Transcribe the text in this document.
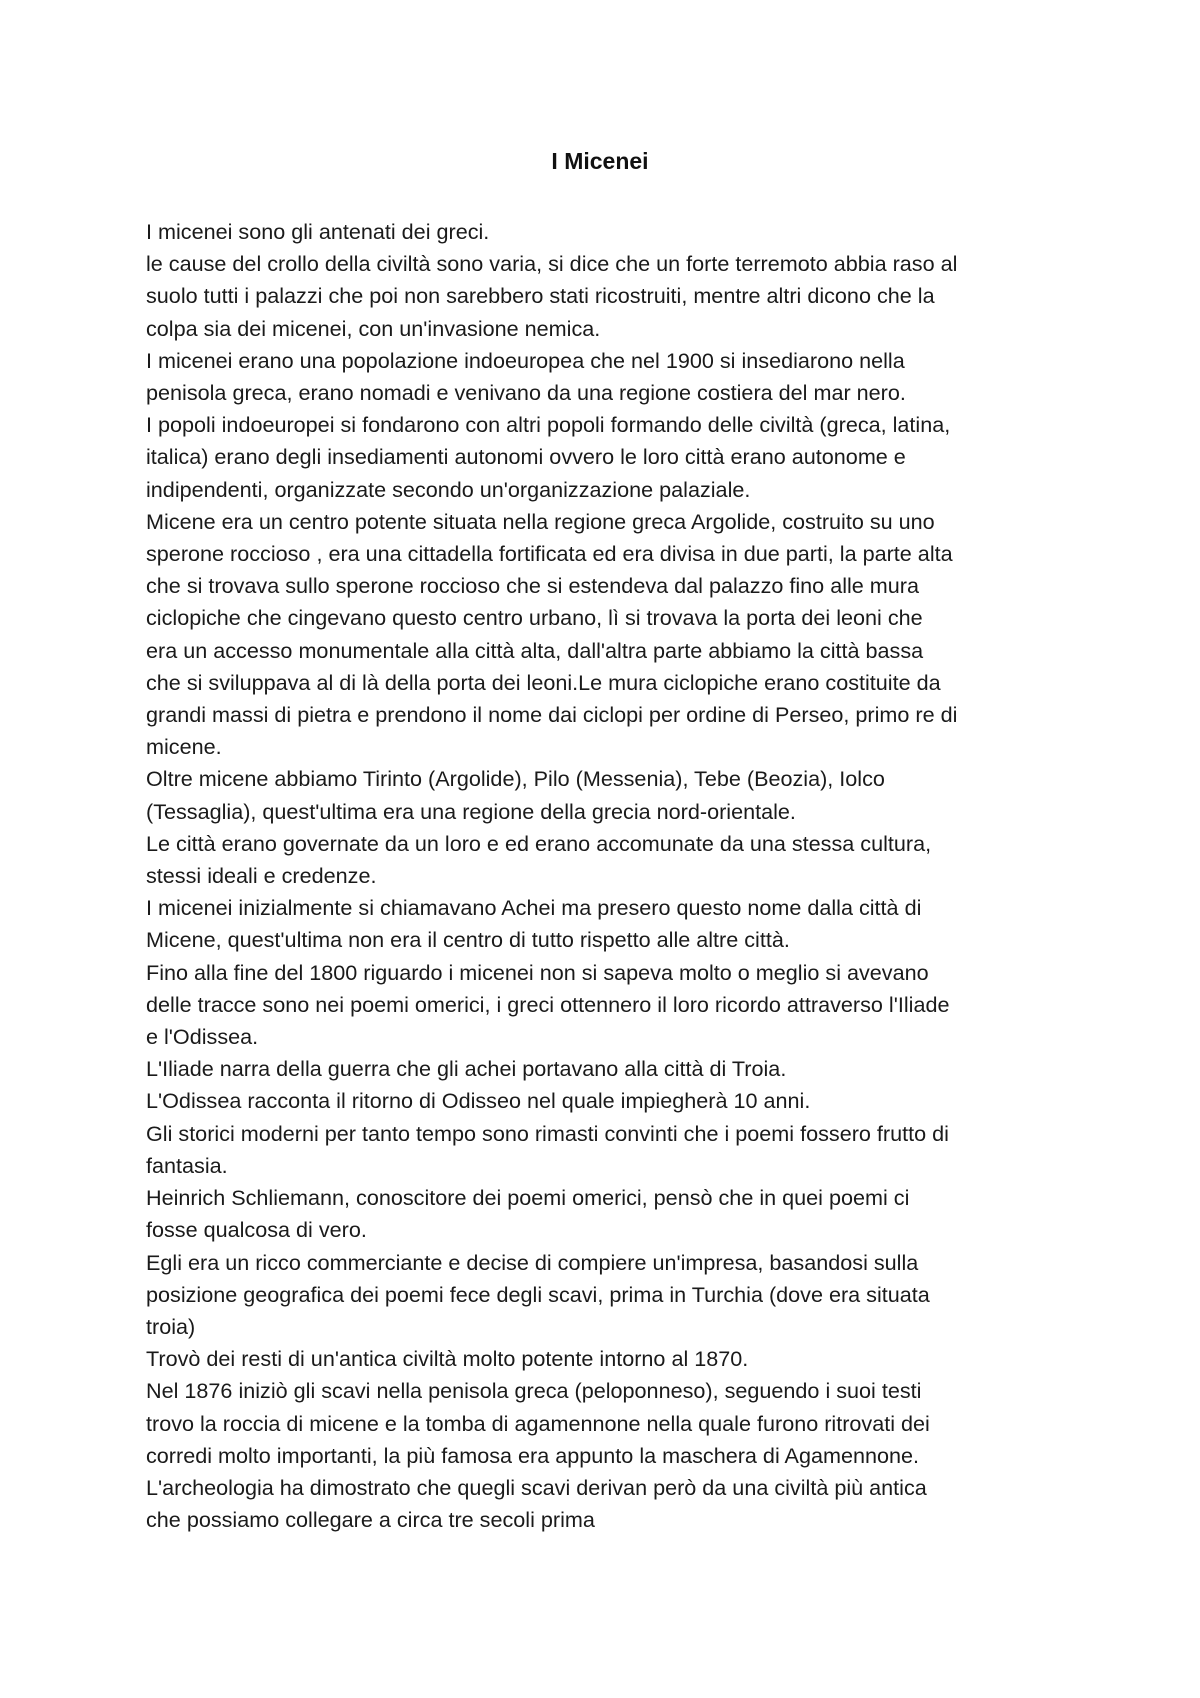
I Micenei
I micenei sono gli antenati dei greci.
le cause del crollo della civiltà sono varia, si dice che un forte terremoto abbia raso al
suolo tutti i palazzi che poi non sarebbero stati ricostruiti, mentre altri dicono che la
colpa sia dei micenei, con un'invasione nemica.
I micenei erano una popolazione indoeuropea che nel 1900 si insediarono nella
penisola greca, erano nomadi e venivano da una regione costiera del mar nero.
I popoli indoeuropei si fondarono con altri popoli formando delle civiltà (greca, latina,
italica) erano degli insediamenti autonomi ovvero le loro città erano autonome e
indipendenti, organizzate secondo un'organizzazione palaziale.
Micene era un centro potente situata nella regione greca Argolide, costruito su uno
sperone roccioso , era una cittadella fortificata ed era divisa in due parti, la parte alta
che si trovava sullo sperone roccioso che si estendeva dal palazzo fino alle mura
ciclopiche che cingevano questo centro urbano, lì si trovava la porta dei leoni che
era un accesso monumentale alla città alta, dall'altra parte abbiamo la città bassa
che si sviluppava al di là della porta dei leoni.Le mura ciclopiche erano costituite da
grandi massi di pietra e prendono il nome dai ciclopi per ordine di Perseo, primo re di
micene.
Oltre micene abbiamo Tirinto (Argolide), Pilo (Messenia), Tebe (Beozia), Iolco
(Tessaglia), quest'ultima era una regione della grecia nord-orientale.
Le città erano governate da un loro e ed erano accomunate da una stessa cultura,
stessi ideali e credenze.
I micenei inizialmente si chiamavano Achei ma presero questo nome dalla città di
Micene, quest'ultima non era il centro di tutto rispetto alle altre città.
Fino alla fine del 1800 riguardo i micenei non si sapeva molto o meglio si avevano
delle tracce sono nei poemi omerici, i greci ottennero il loro ricordo attraverso l'Iliade
e l'Odissea.
L'Iliade narra della guerra che gli achei portavano alla città di Troia.
L'Odissea racconta il ritorno di Odisseo nel quale impiegherà 10 anni.
Gli storici moderni per tanto tempo sono rimasti convinti che i poemi fossero frutto di
fantasia.
Heinrich Schliemann, conoscitore dei poemi omerici, pensò che in quei poemi ci
fosse qualcosa di vero.
Egli era un ricco commerciante e decise di compiere un'impresa, basandosi sulla
posizione geografica dei poemi fece degli scavi, prima in Turchia (dove era situata
troia)
Trovò dei resti di un'antica civiltà molto potente intorno al 1870.
Nel 1876 iniziò gli scavi nella penisola greca (peloponneso), seguendo i suoi testi
trovo la roccia di micene e la tomba di agamennone nella quale furono ritrovati dei
corredi molto importanti, la più famosa era appunto la maschera di Agamennone.
L'archeologia ha dimostrato che quegli scavi derivan però da una civiltà più antica
che possiamo collegare a circa tre secoli prima
